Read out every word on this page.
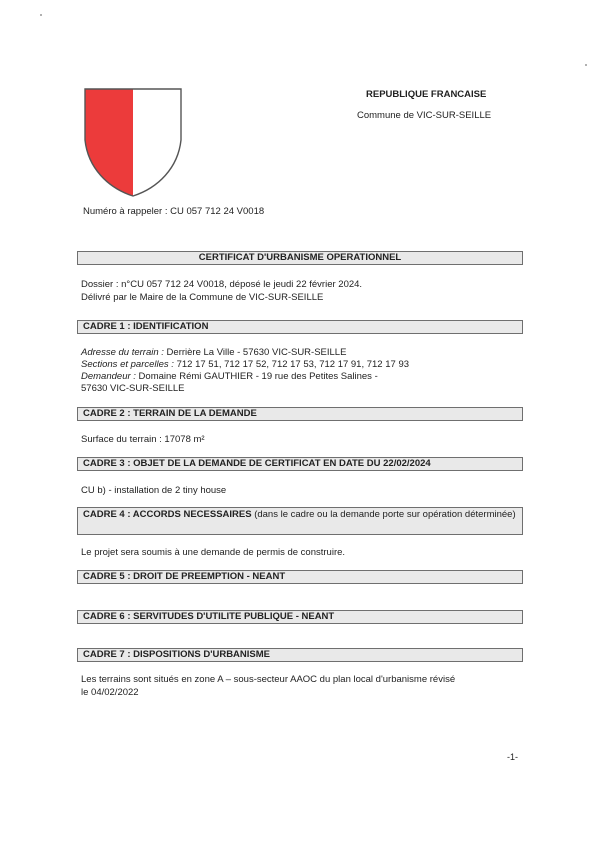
REPUBLIQUE FRANCAISE
Commune de VIC-SUR-SEILLE
Numéro à rappeler : CU 057 712 24 V0018
CERTIFICAT D'URBANISME OPERATIONNEL
Dossier : n°CU 057 712 24 V0018, déposé le jeudi 22 février 2024.
Délivré par le Maire de la Commune de VIC-SUR-SEILLE
CADRE 1 : IDENTIFICATION
Adresse du terrain : Derrière La Ville - 57630 VIC-SUR-SEILLE
Sections et parcelles : 712 17 51, 712 17 52, 712 17 53, 712 17 91, 712 17 93
Demandeur : Domaine Rémi GAUTHIER - 19 rue des Petites Salines -
57630 VIC-SUR-SEILLE
CADRE 2 : TERRAIN DE LA DEMANDE
Surface du terrain : 17078 m²
CADRE 3 : OBJET DE LA DEMANDE DE CERTIFICAT EN DATE DU 22/02/2024
CU b) - installation de 2 tiny house
CADRE 4 : ACCORDS NECESSAIRES (dans le cadre ou la demande porte sur opération déterminée)
Le projet sera soumis à une demande de permis de construire.
CADRE 5 : DROIT DE PREEMPTION - NEANT
CADRE 6 : SERVITUDES D'UTILITE PUBLIQUE - NEANT
CADRE 7 : DISPOSITIONS D'URBANISME
Les terrains sont situés en zone A – sous-secteur AAOC du plan local d'urbanisme révisé
le 04/02/2022
-1-
